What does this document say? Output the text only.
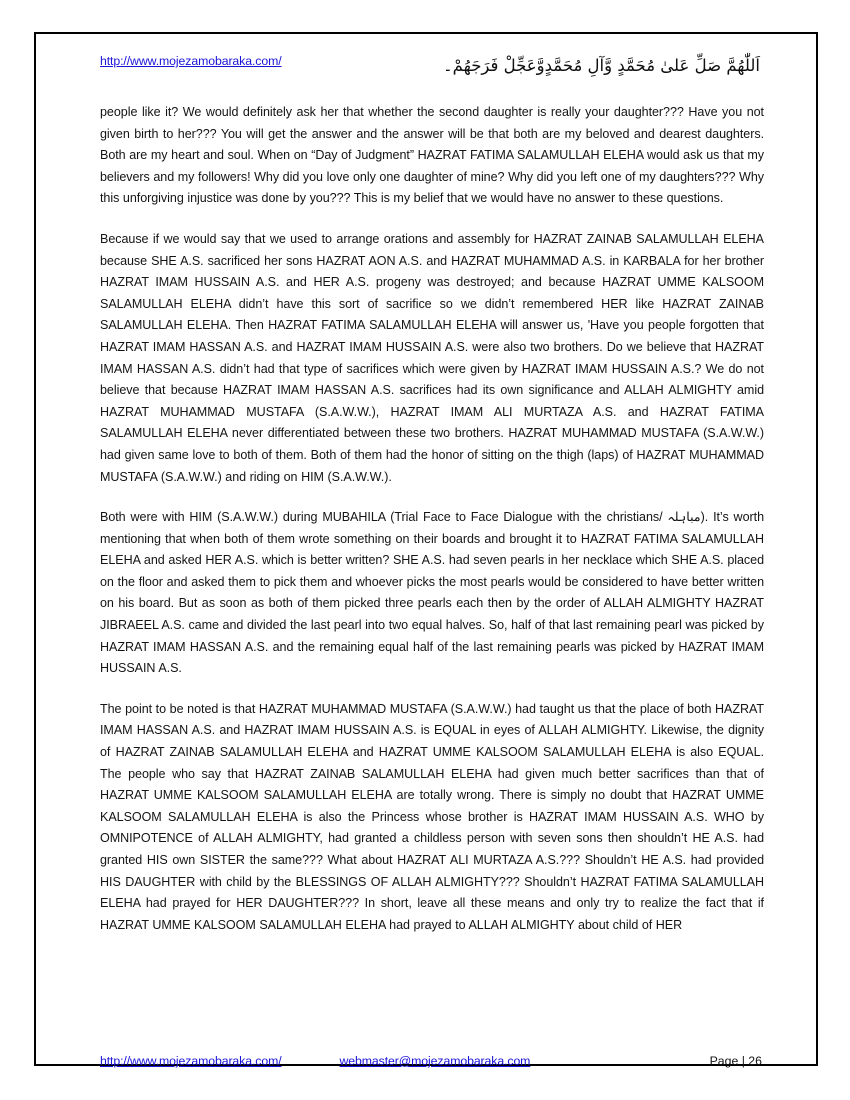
http://www.mojezamobaraka.com/	اَللّٰهُمَّ صَلِّ عَلیٰ مُحَمَّدٍ وَّآلِ مُحَمَّدٍوَّعَجِّلْ فَرَجَهُمْ۔

people like it? We would definitely ask her that whether the second daughter is really your daughter??? Have you not given birth to her??? You will get the answer and the answer will be that both are my beloved and dearest daughters. Both are my heart and soul. When on “Day of Judgment” HAZRAT FATIMA SALAMULLAH ELEHA would ask us that my believers and my followers! Why did you love only one daughter of mine? Why did you left one of my daughters??? Why this unforgiving injustice was done by you??? This is my belief that we would have no answer to these questions.

Because if we would say that we used to arrange orations and assembly for HAZRAT ZAINAB SALAMULLAH ELEHA because SHE A.S. sacrificed her sons HAZRAT AON A.S. and HAZRAT MUHAMMAD A.S. in KARBALA for her brother HAZRAT IMAM HUSSAIN A.S. and HER A.S. progeny was destroyed; and because HAZRAT UMME KALSOOM SALAMULLAH ELEHA didn’t have this sort of sacrifice so we didn’t remembered HER like HAZRAT ZAINAB SALAMULLAH ELEHA. Then HAZRAT FATIMA SALAMULLAH ELEHA will answer us, 'Have you people forgotten that HAZRAT IMAM HASSAN A.S. and HAZRAT IMAM HUSSAIN A.S. were also two brothers. Do we believe that HAZRAT IMAM HASSAN A.S. didn’t had that type of sacrifices which were given by HAZRAT IMAM HUSSAIN A.S.? We do not believe that because HAZRAT IMAM HASSAN A.S. sacrifices had its own significance and ALLAH ALMIGHTY amid HAZRAT MUHAMMAD MUSTAFA (S.A.W.W.), HAZRAT IMAM ALI MURTAZA A.S. and HAZRAT FATIMA SALAMULLAH ELEHA never differentiated between these two brothers. HAZRAT MUHAMMAD MUSTAFA (S.A.W.W.) had given same love to both of them. Both of them had the honor of sitting on the thigh (laps) of HAZRAT MUHAMMAD MUSTAFA (S.A.W.W.) and riding on HIM (S.A.W.W.).

Both were with HIM (S.A.W.W.) during MUBAHILA (Trial Face to Face Dialogue with the christians/ مباہلہ). It’s worth mentioning that when both of them wrote something on their boards and brought it to HAZRAT FATIMA SALAMULLAH ELEHA and asked HER A.S. which is better written? SHE A.S. had seven pearls in her necklace which SHE A.S. placed on the floor and asked them to pick them and whoever picks the most pearls would be considered to have better written on his board. But as soon as both of them picked three pearls each then by the order of ALLAH ALMIGHTY HAZRAT JIBRAEEL A.S. came and divided the last pearl into two equal halves. So, half of that last remaining pearl was picked by HAZRAT IMAM HASSAN A.S. and the remaining equal half of the last remaining pearls was picked by HAZRAT IMAM HUSSAIN A.S.

The point to be noted is that HAZRAT MUHAMMAD MUSTAFA (S.A.W.W.) had taught us that the place of both HAZRAT IMAM HASSAN A.S. and HAZRAT IMAM HUSSAIN A.S. is EQUAL in eyes of ALLAH ALMIGHTY. Likewise, the dignity of HAZRAT ZAINAB SALAMULLAH ELEHA and HAZRAT UMME KALSOOM SALAMULLAH ELEHA is also EQUAL. The people who say that HAZRAT ZAINAB SALAMULLAH ELEHA had given much better sacrifices than that of HAZRAT UMME KALSOOM SALAMULLAH ELEHA are totally wrong. There is simply no doubt that HAZRAT UMME KALSOOM SALAMULLAH ELEHA is also the Princess whose brother is HAZRAT IMAM HUSSAIN A.S. WHO by OMNIPOTENCE of ALLAH ALMIGHTY, had granted a childless person with seven sons then shouldn’t HE A.S. had granted HIS own SISTER the same??? What about HAZRAT ALI MURTAZA A.S.??? Shouldn’t HE A.S. had provided HIS DAUGHTER with child by the BLESSINGS OF ALLAH ALMIGHTY??? Shouldn’t HAZRAT FATIMA SALAMULLAH ELEHA had prayed for HER DAUGHTER??? In short, leave all these means and only try to realize the fact that if HAZRAT UMME KALSOOM SALAMULLAH ELEHA had prayed to ALLAH ALMIGHTY about child of HER

http://www.mojezamobaraka.com/	webmaster@mojezamobaraka.com	Page | 26
